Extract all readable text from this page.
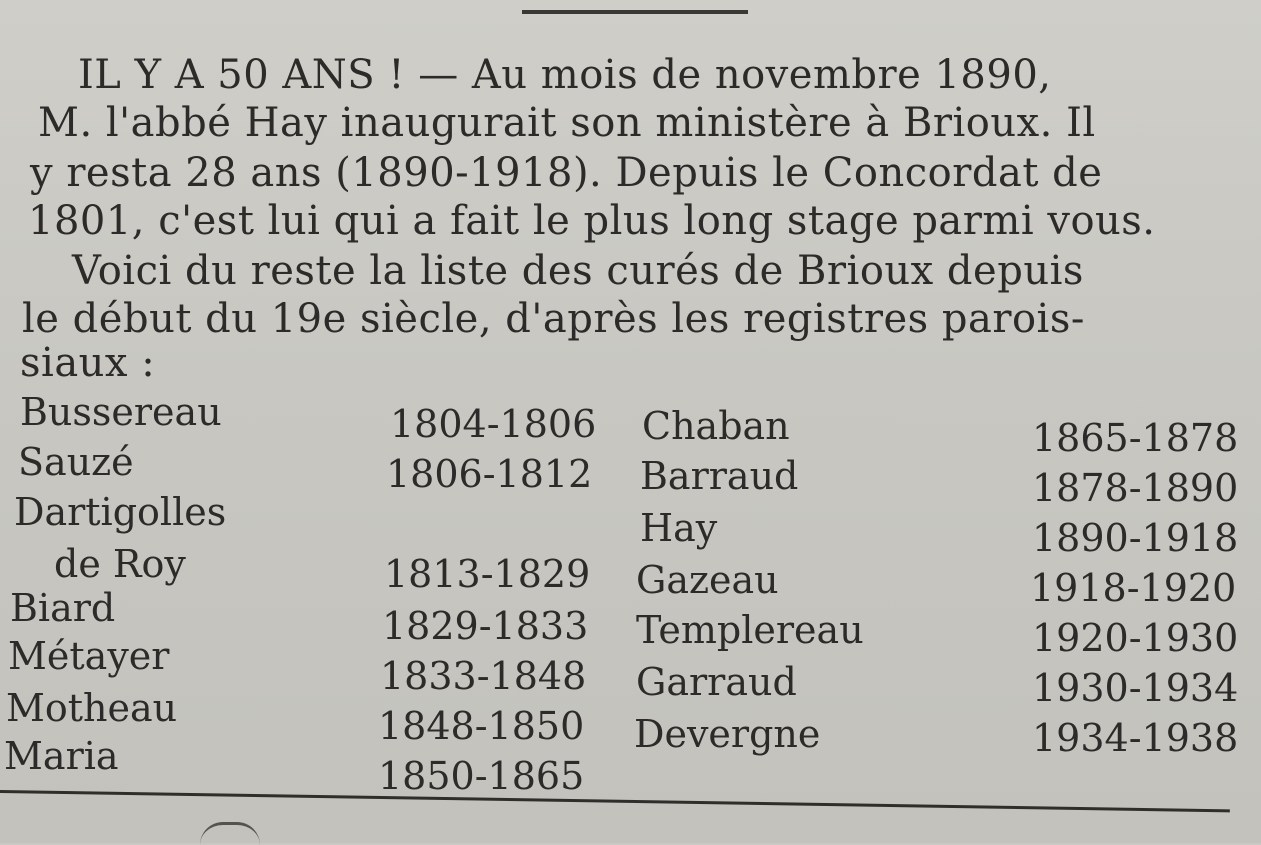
IL Y A 50 ANS ! — Au mois de novembre 1890,
M. l'abbé Hay inaugurait son ministère à Brioux. Il
y resta 28 ans (1890-1918). Depuis le Concordat de
1801, c'est lui qui a fait le plus long stage parmi vous.
Voici du reste la liste des curés de Brioux depuis
le début du 19e siècle, d'après les registres parois-
siaux :
Bussereau	1804-1806
Sauzé	1806-1812
Dartigolles
de Roy	1813-1829
Biard	1829-1833
Métayer	1833-1848
Motheau	1848-1850
Maria	1850-1865
Chaban	1865-1878
Barraud	1878-1890
Hay	1890-1918
Gazeau	1918-1920
Templereau	1920-1930
Garraud	1930-1934
Devergne	1934-1938
